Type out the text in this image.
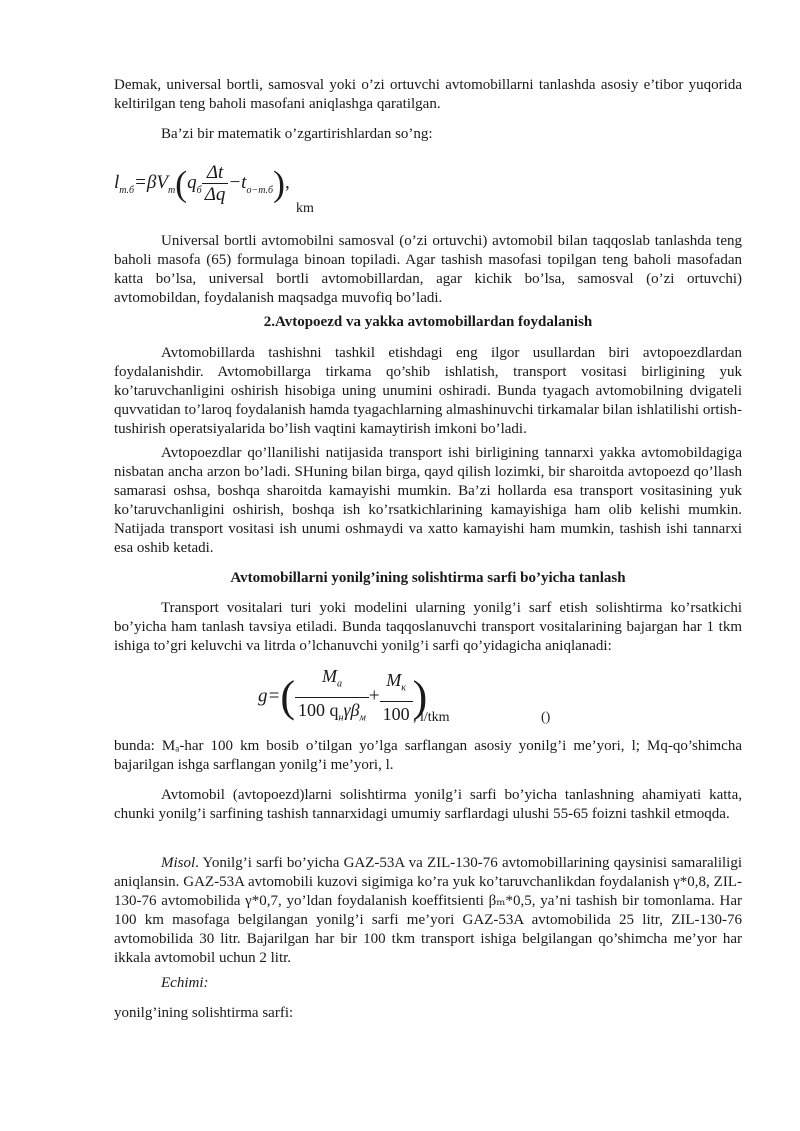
Demak, universal bortli, samosval yoki o’zi ortuvchi avtomobillarni tanlashda asosiy e’tibor yuqorida keltirilgan teng baholi masofani aniqlashga qaratilgan.

Ba’zi bir matematik o’zgartirishlardan so’ng:

$l_{m.б}=\beta V_m(q_б \frac{\Delta t}{\Delta q} -t_{o-m.б})$,
km

Universal bortli avtomobilni samosval (o’zi ortuvchi) avtomobil bilan taqqoslab tanlashda teng baholi masofa (65) formulaga binoan topiladi. Agar tashish masofasi topilgan teng baholi masofadan katta bo’lsa, universal bortli avtomobillardan, agar kichik bo’lsa, samosval (o’zi ortuvchi) avtomobildan, foydalanish maqsadga muvofiq bo’ladi.

2.Avtopoezd va yakka avtomobillardan foydalanish

Avtomobillarda tashishni tashkil etishdagi eng ilgor usullardan biri avtopoezdlardan foydalanishdir. Avtomobillarga tirkama qo’shib ishlatish, transport vositasi birligining yuk ko’taruvchanligini oshirish hisobiga uning unumini oshiradi. Bunda tyagach avtomobilning dvigateli quvvatidan to’laroq foydalanish hamda tyagachlarning almashinuvchi tirkamalar bilan ishlatilishi ortish-tushirish operatsiyalarida bo’lish vaqtini kamaytirish imkoni bo’ladi.

Avtopoezdlar qo’llanilishi natijasida transport ishi birligining tannarxi yakka avtomobildagiga nisbatan ancha arzon bo’ladi. SHuning bilan birga, qayd qilish lozimki, bir sharoitda avtopoezd qo’llash samarasi oshsa, boshqa sharoitda kamayishi mumkin. Ba’zi hollarda esa transport vositasining yuk ko’taruvchanligini oshirish, boshqa ish ko’rsatkichlarining kamayishiga ham olib kelishi mumkin. Natijada transport vositasi ish unumi oshmaydi va xatto kamayishi ham mumkin, tashish ishi tannarxi esa oshib ketadi.

Avtomobillarni yonilg’ining solishtirma sarfi bo’yicha tanlash

Transport vositalari turi yoki modelini ularning yonilg’i sarf etish solishtirma ko’rsatkichi bo’yicha ham tanlash tavsiya etiladi. Bunda taqqoslanuvchi transport vositalarining bajargan har 1 tkm ishiga to’gri keluvchi va litrda o’lchanuvchi yonilg’i sarfi qo’yidagicha aniqlanadi:

$g=( \frac{M_a}{100 q_н\gamma\beta_м} + \frac{M_к}{100}$ )
, l/tkm	()

bunda: Mₐ-har 100 km bosib o’tilgan yo’lga sarflangan asosiy yonilg’i me’yori, l; Mq-qo’shimcha bajarilgan ishga sarflangan yonilg’i me’yori, l.

Avtomobil (avtopoezd)larni solishtirma yonilg’i sarfi bo’yicha tanlashning ahamiyati katta, chunki yonilg’i sarfining tashish tannarxidagi umumiy sarflardagi ulushi 55-65 foizni tashkil etmoqda.

Misol. Yonilg’i sarfi bo’yicha GAZ-53A va ZIL-130-76 avtomobillarining qaysinisi samaraliligi aniqlansin. GAZ-53A avtomobili kuzovi sigimiga ko’ra yuk ko’taruvchanlikdan foydalanish γ*0,8, ZIL-130-76 avtomobilida γ*0,7, yo’ldan foydalanish koeffitsienti βₘ*0,5, ya’ni tashish bir tomonlama. Har 100 km masofaga belgilangan yonilg’i sarfi me’yori GAZ-53A avtomobilida 25 litr, ZIL-130-76 avtomobilida 30 litr. Bajarilgan har bir 100 tkm transport ishiga belgilangan qo’shimcha me’yor har ikkala avtomobil uchun 2 litr.

Echimi:

yonilg’ining solishtirma sarfi:
